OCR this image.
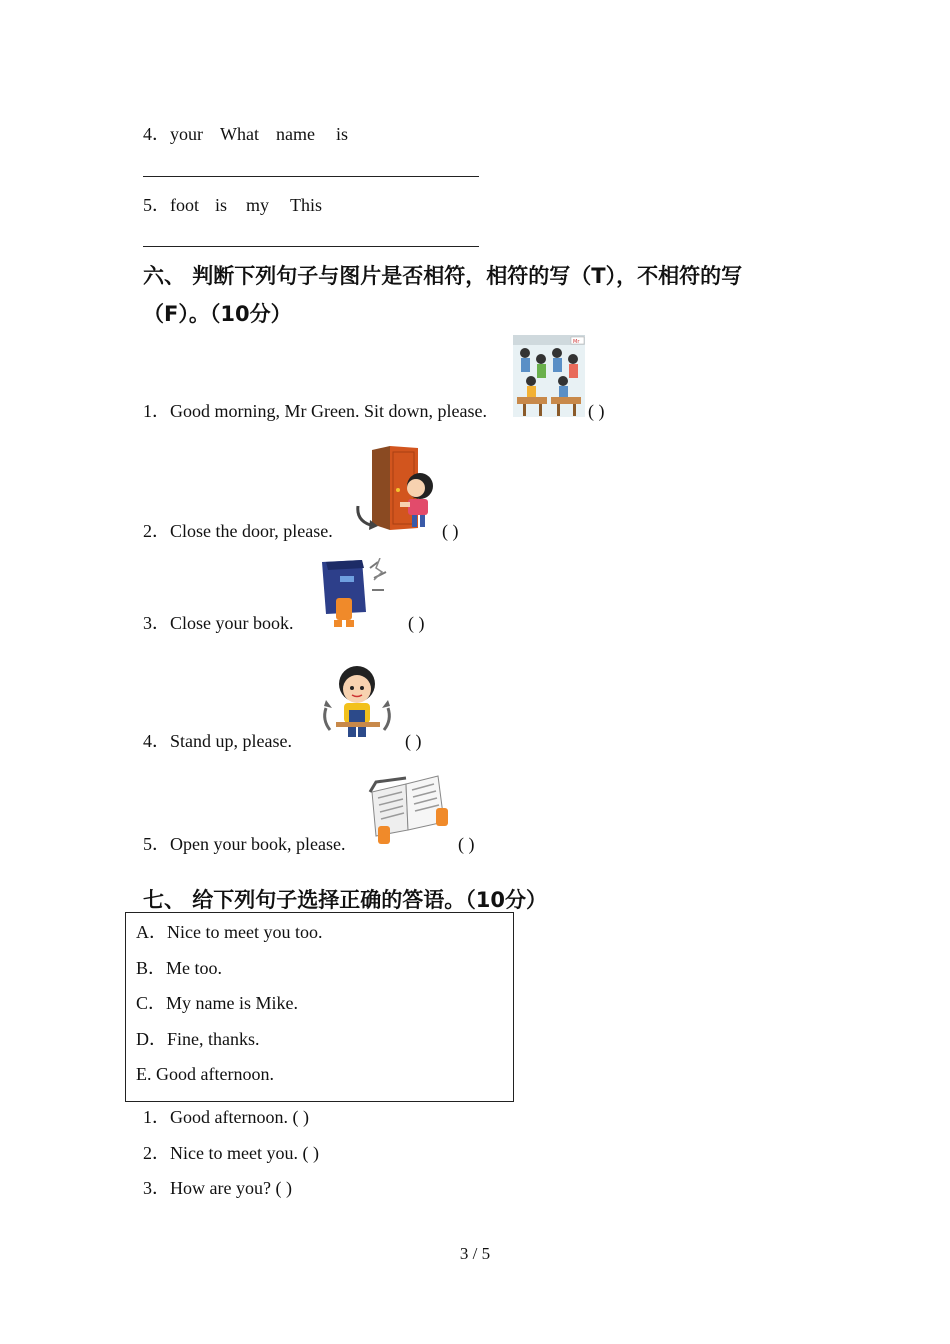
4．your What name is
5．foot is my This
六、 判断下列句子与图片是否相符，相符的写（T），不相符的写
（F）。（10分）
1．Good morning, Mr Green. Sit down, please.
Mr
( )
2．Close the door, please.	( )
3．Close your book.	( )
4．Stand up, please.	( )
5．Open your book, please.	( )
七、 给下列句子选择正确的答语。（10分）
A．Nice to meet you too.
B．Me too.
C．My name is Mike.
D．Fine, thanks.
E. Good afternoon.
1．Good afternoon. ( )
2．Nice to meet you. ( )
3．How are you? ( )
3 / 5
